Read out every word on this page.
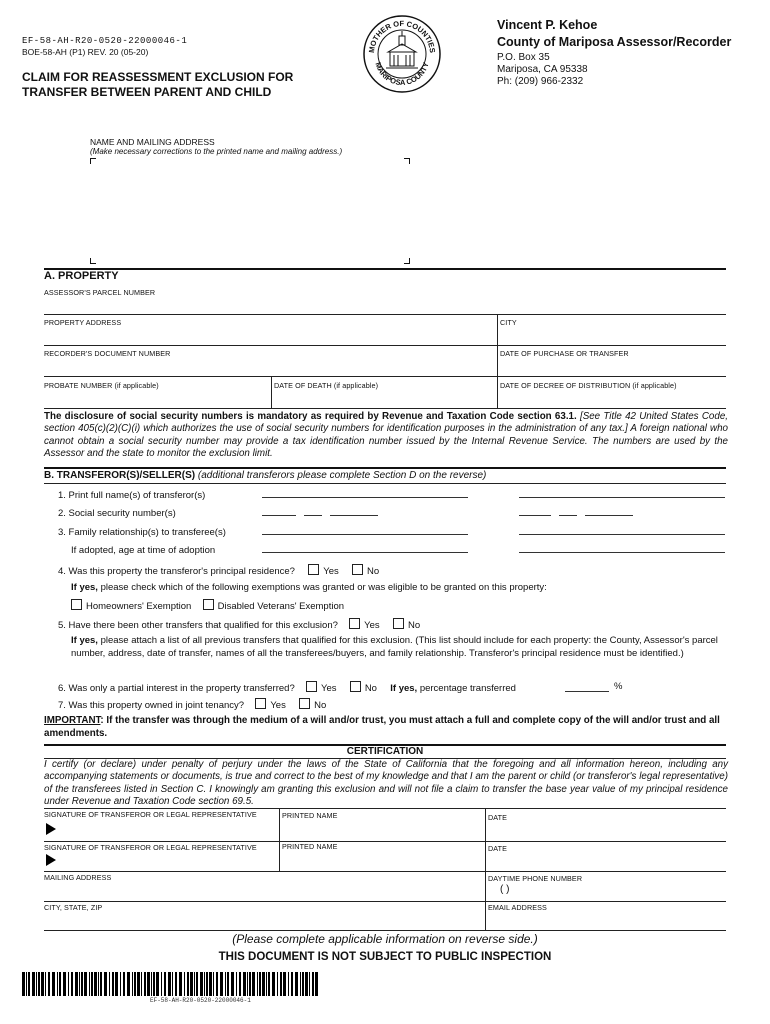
EF-58-AH-R20-0520-22000046-1
BOE-58-AH (P1) REV. 20 (05-20)
CLAIM FOR REASSESSMENT EXCLUSION FOR
TRANSFER BETWEEN PARENT AND CHILD
MOTHER OF COUNTIES
MARIPOSA COUNTY
Vincent P. Kehoe
County of Mariposa Assessor/Recorder
P.O. Box 35
Mariposa, CA 95338
Ph: (209) 966-2332
NAME AND MAILING ADDRESS
(Make necessary corrections to the printed name and mailing address.)
A. PROPERTY
ASSESSOR'S PARCEL NUMBER
PROPERTY ADDRESS	CITY
RECORDER'S DOCUMENT NUMBER	DATE OF PURCHASE OR TRANSFER
PROBATE NUMBER (if applicable)	DATE OF DEATH (if applicable)	DATE OF DECREE OF DISTRIBUTION (if applicable)
The disclosure of social security numbers is mandatory as required by Revenue and Taxation Code section 63.1. [See Title 42 United States Code, section 405(c)(2)(C)(i) which authorizes the use of social security numbers for identification purposes in the administration of any tax.] A foreign national who cannot obtain a social security number may provide a tax identification number issued by the Internal Revenue Service. The numbers are used by the Assessor and the state to monitor the exclusion limit.
B. TRANSFEROR(S)/SELLER(S) (additional transferors please complete Section D on the reverse)
1. Print full name(s) of transferor(s)
2. Social security number(s)
3. Family relationship(s) to transferee(s)
If adopted, age at time of adoption
4. Was this property the transferor's principal residence?	Yes	No
If yes, please check which of the following exemptions was granted or was eligible to be granted on this property:
Homeowners' Exemption	Disabled Veterans' Exemption
5. Have there been other transfers that qualified for this exclusion?	Yes	No
If yes, please attach a list of all previous transfers that qualified for this exclusion. (This list should include for each property: the County, Assessor's parcel number, address, date of transfer, names of all the transferees/buyers, and family relationship. Transferor's principal residence must be identified.)
6. Was only a partial interest in the property transferred?	Yes	No If yes, percentage transferred	%
7. Was this property owned in joint tenancy?	Yes	No
IMPORTANT: If the transfer was through the medium of a will and/or trust, you must attach a full and complete copy of the will and/or trust and all amendments.
CERTIFICATION
I certify (or declare) under penalty of perjury under the laws of the State of California that the foregoing and all information hereon, including any accompanying statements or documents, is true and correct to the best of my knowledge and that I am the parent or child (or transferor's legal representative) of the transferees listed in Section C. I knowingly am granting this exclusion and will not file a claim to transfer the base year value of my principal residence under Revenue and Taxation Code section 69.5.
SIGNATURE OF TRANSFEROR OR LEGAL REPRESENTATIVE	PRINTED NAME	DATE
SIGNATURE OF TRANSFEROR OR LEGAL REPRESENTATIVE	PRINTED NAME	DATE
MAILING ADDRESS	DAYTIME PHONE NUMBER
( )
CITY, STATE, ZIP	EMAIL ADDRESS
(Please complete applicable information on reverse side.)
THIS DOCUMENT IS NOT SUBJECT TO PUBLIC INSPECTION
EF-58-AH-R20-0520-22000046-1
